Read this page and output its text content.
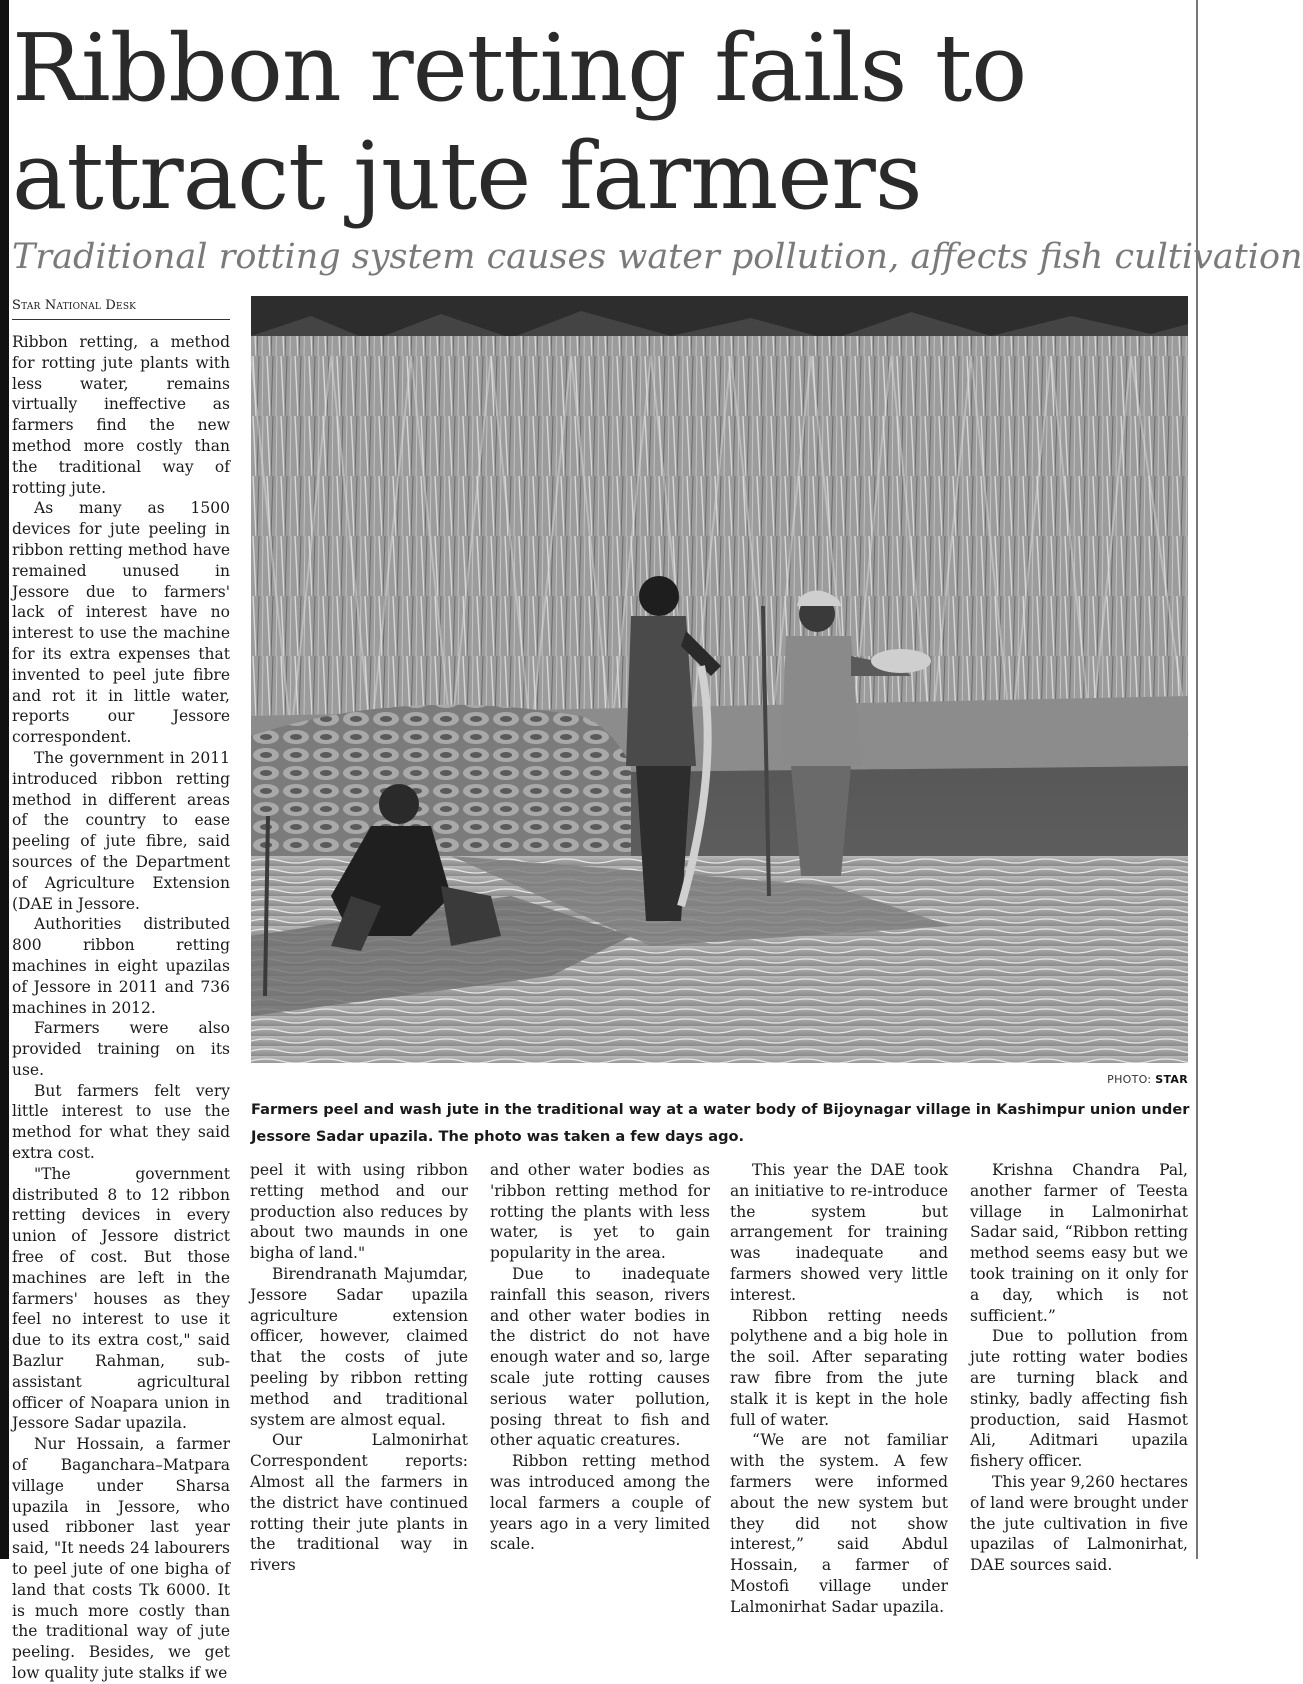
Ribbon retting fails to attract jute farmers
Traditional rotting system causes water pollution, affects fish cultivation
Star National Desk

Ribbon retting, a method for rotting jute plants with less water, remains virtually ineffective as farmers find the new method more costly than the traditional way of rotting jute.

As many as 1500 devices for jute peeling in ribbon retting method have remained unused in Jessore due to farmers' lack of interest have no interest to use the machine for its extra expenses that invented to peel jute fibre and rot it in little water, reports our Jessore correspondent.

The government in 2011 introduced ribbon retting method in different areas of the country to ease peeling of jute fibre, said sources of the Department of Agriculture Extension (DAE in Jessore.

Authorities distributed 800 ribbon retting machines in eight upazilas of Jessore in 2011 and 736 machines in 2012.

Farmers were also provided training on its use.

But farmers felt very little interest to use the method for what they said extra cost.

"The government distributed 8 to 12 ribbon retting devices in every union of Jessore district free of cost. But those machines are left in the farmers' houses as they feel no interest to use it due to its extra cost," said Bazlur Rahman, sub-assistant agricultural officer of Noapara union in Jessore Sadar upazila.

Nur Hossain, a farmer of Baganchara–Matpara village under Sharsa upazila in Jessore, who used ribboner last year said, "It needs 24 labourers to peel jute of one bigha of land that costs Tk 6000. It is much more costly than the traditional way of jute peeling. Besides, we get low quality jute stalks if we

PHOTO: STAR

Farmers peel and wash jute in the traditional way at a water body of Bijoynagar village in Kashimpur union under Jessore Sadar upazila. The photo was taken a few days ago.

peel it with using ribbon retting method and our production also reduces by about two maunds in one bigha of land."

Birendranath Majumdar, Jessore Sadar upazila agriculture extension officer, however, claimed that the costs of jute peeling by ribbon retting method and traditional system are almost equal.

Our Lalmonirhat Correspondent reports: Almost all the farmers in the district have continued rotting their jute plants in the traditional way in rivers

and other water bodies as 'ribbon retting method for rotting the plants with less water, is yet to gain popularity in the area.

Due to inadequate rainfall this season, rivers and other water bodies in the district do not have enough water and so, large scale jute rotting causes serious water pollution, posing threat to fish and other aquatic creatures.

Ribbon retting method was introduced among the local farmers a couple of years ago in a very limited scale.

This year the DAE took an initiative to re-introduce the system but arrangement for training was inadequate and farmers showed very little interest.

Ribbon retting needs polythene and a big hole in the soil. After separating raw fibre from the jute stalk it is kept in the hole full of water.

“We are not familiar with the system. A few farmers were informed about the new system but they did not show interest,” said Abdul Hossain, a farmer of Mostofi village under Lalmonirhat Sadar upazila.

Krishna Chandra Pal, another farmer of Teesta village in Lalmonirhat Sadar said, “Ribbon retting method seems easy but we took training on it only for a day, which is not sufficient.”

Due to pollution from jute rotting water bodies are turning black and stinky, badly affecting fish production, said Hasmot Ali, Aditmari upazila fishery officer.

This year 9,260 hectares of land were brought under the jute cultivation in five upazilas of Lalmonirhat, DAE sources said.
